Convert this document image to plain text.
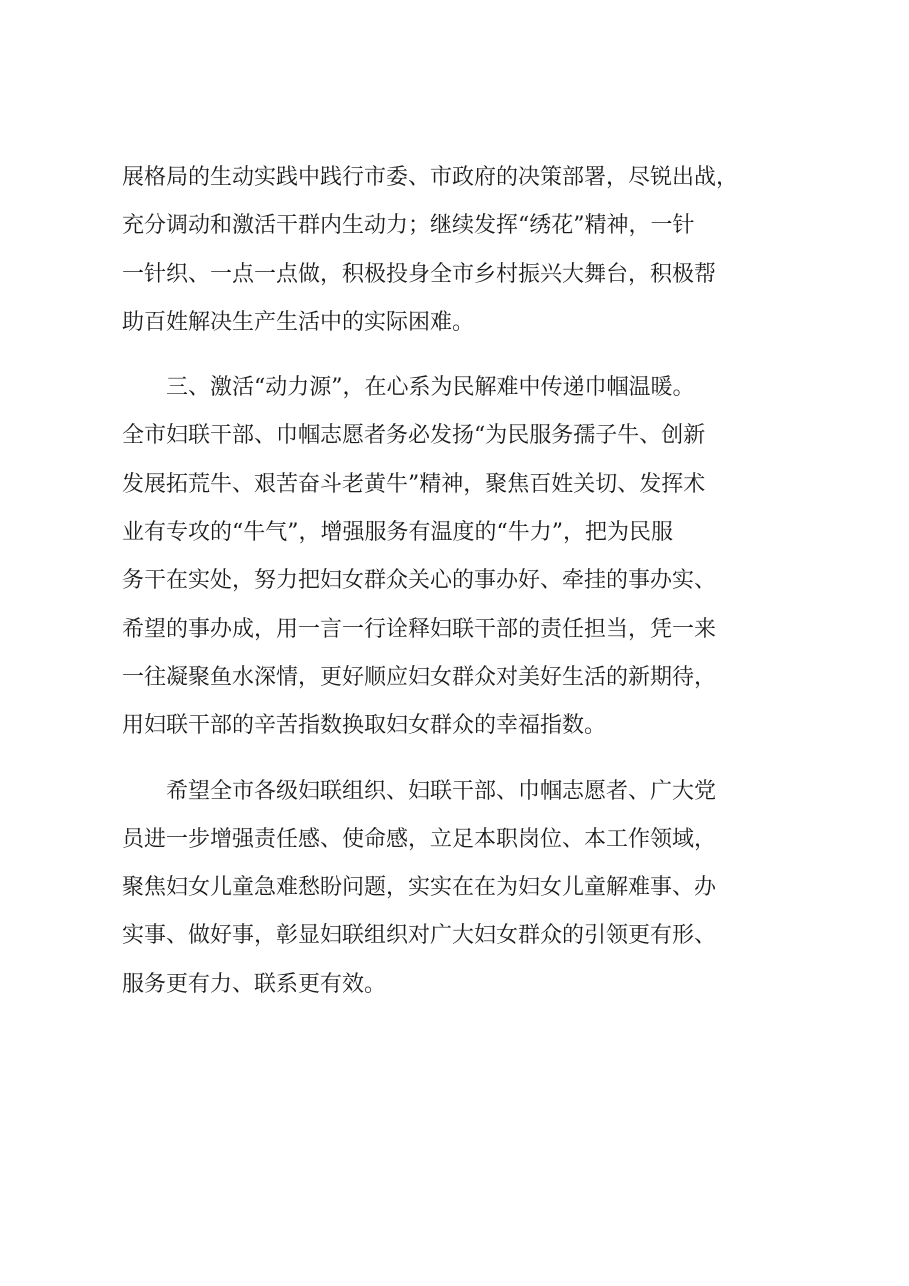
展格局的生动实践中践行市委、市政府的决策部署，尽锐出战，
充分调动和激活干群内生动力；继续发挥“绣花”精神，一针
一针织、一点一点做，积极投身全市乡村振兴大舞台，积极帮
助百姓解决生产生活中的实际困难。
　　三、激活“动力源”，在心系为民解难中传递巾帼温暖。
全市妇联干部、巾帼志愿者务必发扬“为民服务孺子牛、创新
发展拓荒牛、艰苦奋斗老黄牛”精神，聚焦百姓关切、发挥术
业有专攻的“牛气”，增强服务有温度的“牛力”，把为民服
务干在实处，努力把妇女群众关心的事办好、牵挂的事办实、
希望的事办成，用一言一行诠释妇联干部的责任担当，凭一来
一往凝聚鱼水深情，更好顺应妇女群众对美好生活的新期待，
用妇联干部的辛苦指数换取妇女群众的幸福指数。
　　希望全市各级妇联组织、妇联干部、巾帼志愿者、广大党
员进一步增强责任感、使命感，立足本职岗位、本工作领域，
聚焦妇女儿童急难愁盼问题，实实在在为妇女儿童解难事、办
实事、做好事，彰显妇联组织对广大妇女群众的引领更有形、
服务更有力、联系更有效。
